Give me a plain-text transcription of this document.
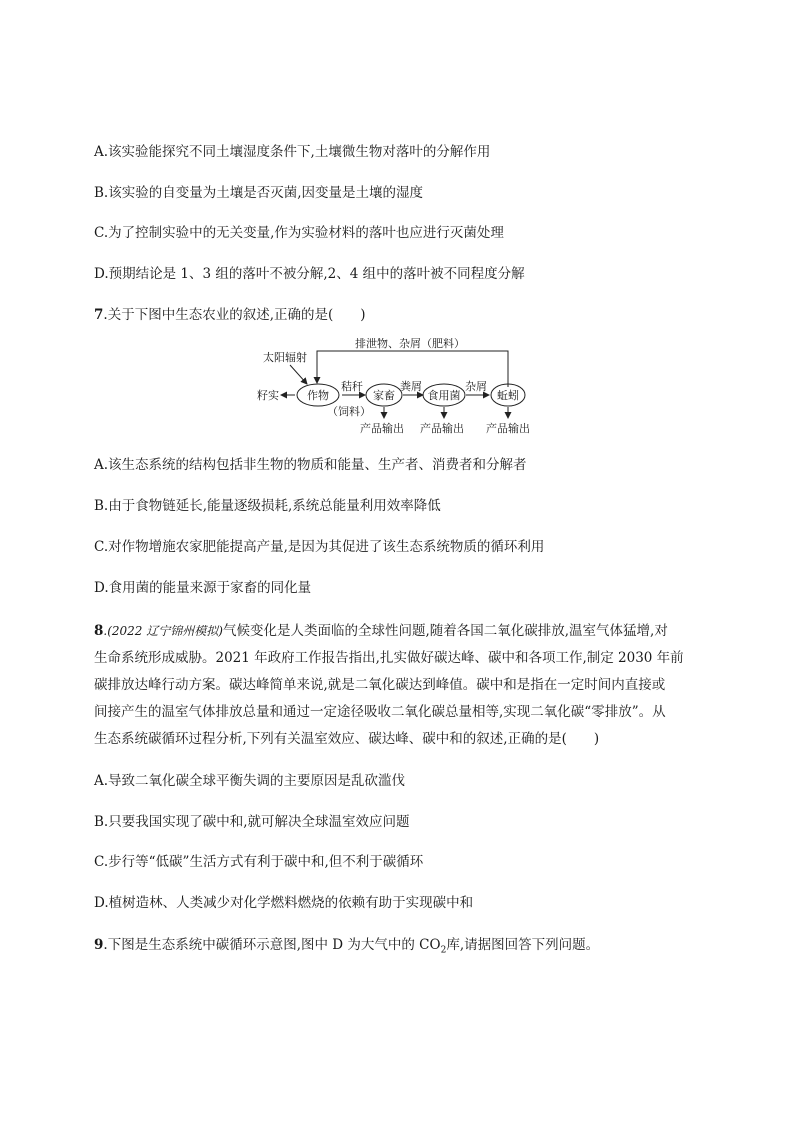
A.该实验能探究不同土壤湿度条件下,土壤微生物对落叶的分解作用
B.该实验的自变量为土壤是否灭菌,因变量是土壤的湿度
C.为了控制实验中的无关变量,作为实验材料的落叶也应进行灭菌处理
D.预期结论是 1、3 组的落叶不被分解,2、4 组中的落叶被不同程度分解
7.关于下图中生态农业的叙述,正确的是(　　)
太阳辐射
排泄物、杂屑（肥料）
籽实	作物
秸秆
（饲料）
家畜
粪屑
食用菌
杂屑
蚯蚓
产品输出 产品输出 产品输出
A.该生态系统的结构包括非生物的物质和能量、生产者、消费者和分解者
B.由于食物链延长,能量逐级损耗,系统总能量利用效率降低
C.对作物增施农家肥能提高产量,是因为其促进了该生态系统物质的循环利用
D.食用菌的能量来源于家畜的同化量

8.(2022 辽宁锦州模拟)气候变化是人类面临的全球性问题,随着各国二氧化碳排放,温室气体猛增,对

生命系统形成威胁。2021 年政府工作报告指出,扎实做好碳达峰、碳中和各项工作,制定 2030 年前

碳排放达峰行动方案。碳达峰简单来说,就是二氧化碳达到峰值。碳中和是指在一定时间内直接或

间接产生的温室气体排放总量和通过一定途径吸收二氧化碳总量相等,实现二氧化碳“零排放”。从

生态系统碳循环过程分析,下列有关温室效应、碳达峰、碳中和的叙述,正确的是(　　)

A.导致二氧化碳全球平衡失调的主要原因是乱砍滥伐
B.只要我国实现了碳中和,就可解决全球温室效应问题
C.步行等“低碳”生活方式有利于碳中和,但不利于碳循环
D.植树造林、人类减少对化学燃料燃烧的依赖有助于实现碳中和
9.下图是生态系统中碳循环示意图,图中 D 为大气中的 $CO_2$库,请据图回答下列问题。
